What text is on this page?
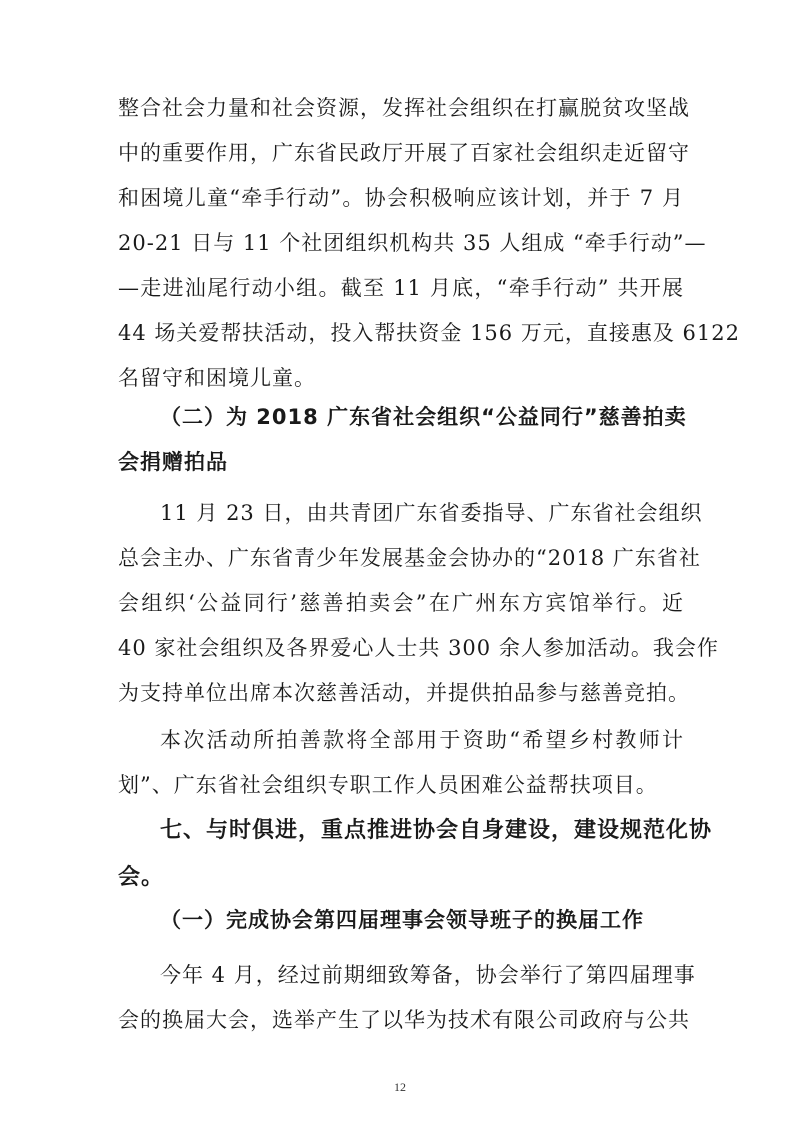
整合社会力量和社会资源，发挥社会组织在打赢脱贫攻坚战
中的重要作用，广东省民政厅开展了百家社会组织走近留守
和困境儿童“牵手行动”。协会积极响应该计划，并于 7 月
20-21 日与 11 个社团组织机构共 35 人组成 “牵手行动”—
—走进汕尾行动小组。截至 11 月底，“牵手行动” 共开展
44 场关爱帮扶活动，投入帮扶资金 156 万元，直接惠及 6122
名留守和困境儿童。

（二）为 2018 广东省社会组织“公益同行”慈善拍卖

会捐赠拍品

11 月 23 日，由共青团广东省委指导、广东省社会组织

总会主办、广东省青少年发展基金会协办的“2018 广东省社
会组织‘公益同行’慈善拍卖会”在广州东方宾馆举行。近
40 家社会组织及各界爱心人士共 300 余人参加活动。我会作
为支持单位出席本次慈善活动，并提供拍品参与慈善竞拍。

本次活动所拍善款将全部用于资助“希望乡村教师计

划”、广东省社会组织专职工作人员困难公益帮扶项目。

七、与时俱进，重点推进协会自身建设，建设规范化协

会。

（一）完成协会第四届理事会领导班子的换届工作

今年 4 月，经过前期细致筹备，协会举行了第四届理事

会的换届大会，选举产生了以华为技术有限公司政府与公共

12
